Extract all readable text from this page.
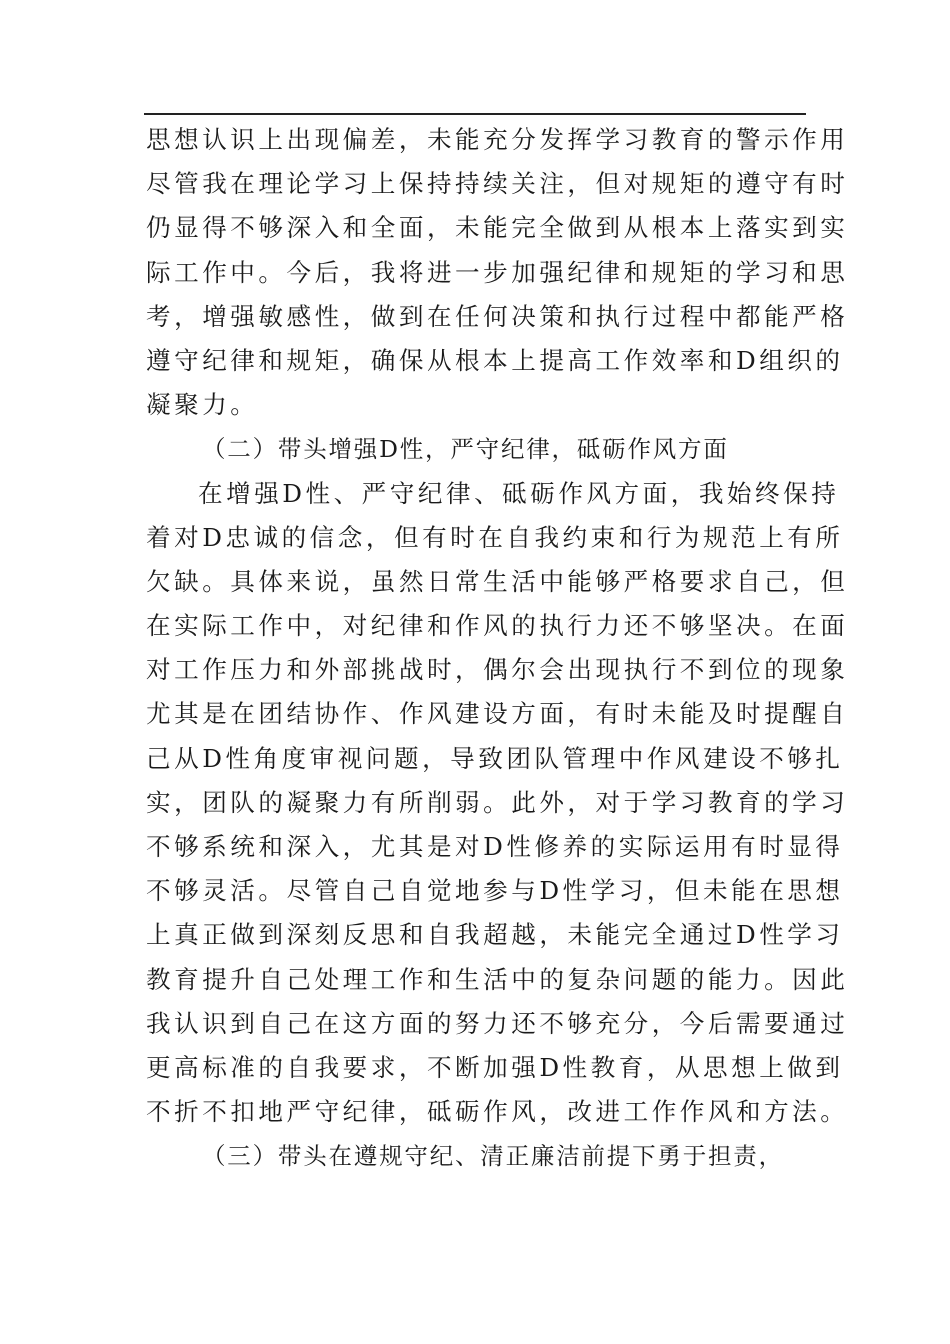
思想认识上出现偏差，未能充分发挥学习教育的警示作用
尽管我在理论学习上保持持续关注，但对规矩的遵守有时
仍显得不够深入和全面，未能完全做到从根本上落实到实
际工作中。今后，我将进一步加强纪律和规矩的学习和思
考，增强敏感性，做到在任何决策和执行过程中都能严格
遵守纪律和规矩，确保从根本上提高工作效率和D组织的
凝聚力。
（二）带头增强D性，严守纪律，砥砺作风方面
在增强D性、严守纪律、砥砺作风方面，我始终保持
着对D忠诚的信念，但有时在自我约束和行为规范上有所
欠缺。具体来说，虽然日常生活中能够严格要求自己，但
在实际工作中，对纪律和作风的执行力还不够坚决。在面
对工作压力和外部挑战时，偶尔会出现执行不到位的现象
尤其是在团结协作、作风建设方面，有时未能及时提醒自
己从D性角度审视问题，导致团队管理中作风建设不够扎
实，团队的凝聚力有所削弱。此外，对于学习教育的学习
不够系统和深入，尤其是对D性修养的实际运用有时显得
不够灵活。尽管自己自觉地参与D性学习，但未能在思想
上真正做到深刻反思和自我超越，未能完全通过D性学习
教育提升自己处理工作和生活中的复杂问题的能力。因此
我认识到自己在这方面的努力还不够充分，今后需要通过
更高标准的自我要求，不断加强D性教育，从思想上做到
不折不扣地严守纪律，砥砺作风，改进工作作风和方法。
（三）带头在遵规守纪、清正廉洁前提下勇于担责，
